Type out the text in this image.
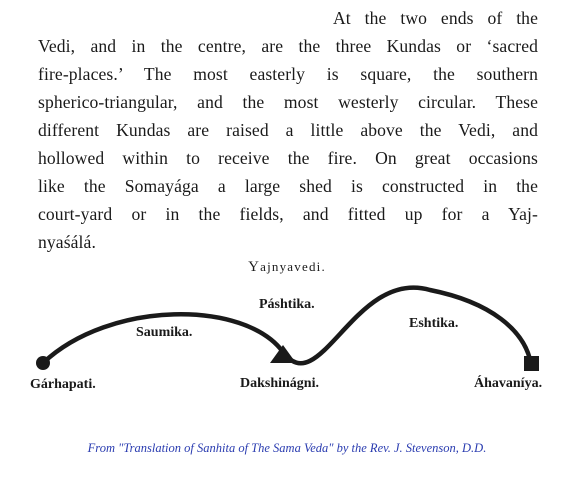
At the two ends of the
Vedi, and in the centre, are the three Kundas or ‘sacred
fire-places.’ The most easterly is square, the southern
spherico-triangular, and the most westerly circular. These
different Kundas are raised a little above the Vedi, and
hollowed within to receive the fire. On great occasions
like the Somayága a large shed is constructed in the
court-yard or in the fields, and fitted up for a Yaj-
nyaśálá.
Yajnyavedi.
Saumika.
Páshtika.
Eshtika.
Gárhapati.	Dakshinágni.	Áhavaníya.
From "Translation of Sanhita of The Sama Veda" by the Rev. J. Stevenson, D.D.
